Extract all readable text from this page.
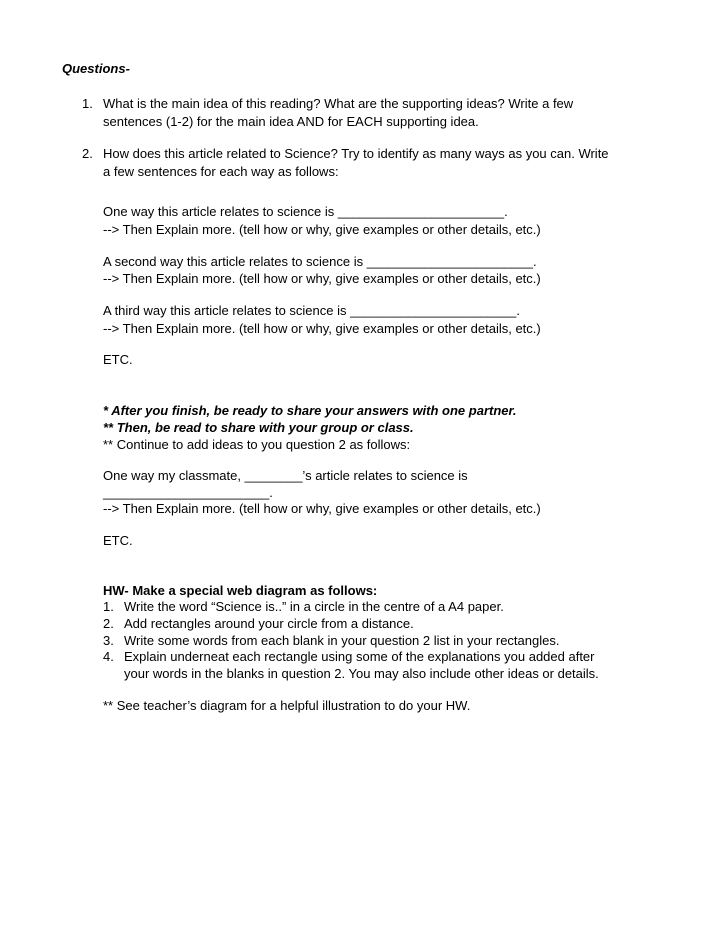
Questions-
1. What is the main idea of this reading? What are the supporting ideas? Write a few
sentences (1-2) for the main idea AND for EACH supporting idea.
2. How does this article related to Science? Try to identify as many ways as you can. Write
a few sentences for each way as follows:
One way this article relates to science is _______________________.
--> Then Explain more. (tell how or why, give examples or other details, etc.)
A second way this article relates to science is _______________________.
--> Then Explain more. (tell how or why, give examples or other details, etc.)
A third way this article relates to science is _______________________.
--> Then Explain more. (tell how or why, give examples or other details, etc.)
ETC.
* After you finish, be ready to share your answers with one partner.
** Then, be read to share with your group or class.
** Continue to add ideas to you question 2 as follows:
One way my classmate, ________’s article relates to science is
_______________________.
--> Then Explain more. (tell how or why, give examples or other details, etc.)
ETC.
HW- Make a special web diagram as follows:
1. Write the word “Science is..” in a circle in the centre of a A4 paper.
2. Add rectangles around your circle from a distance.
3. Write some words from each blank in your question 2 list in your rectangles.
4. Explain underneat each rectangle using some of the explanations you added after
your words in the blanks in question 2. You may also include other ideas or details.
** See teacher’s diagram for a helpful illustration to do your HW.
